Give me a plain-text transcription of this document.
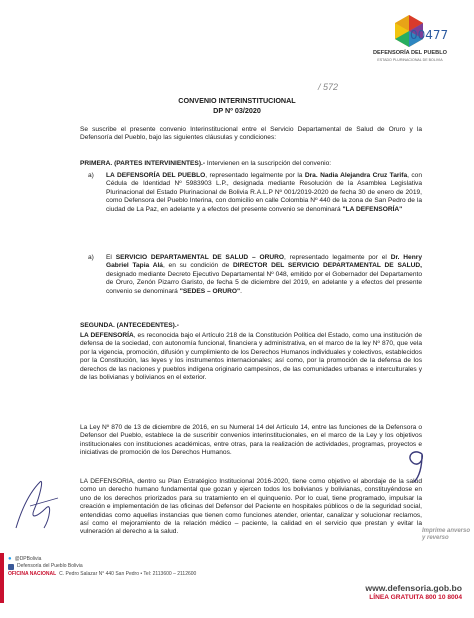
DEFENSORÍA DEL PUEBLO
ESTADO PLURINACIONAL DE BOLIVIA
00477
/ 572
CONVENIO INTERINSTITUCIONAL
DP Nº 03/2020

Se suscribe el presente convenio Interinstitucional entre el Servicio Departamental de Salud de Oruro y la Defensoría del Pueblo, bajo las siguientes cláusulas y condiciones:

PRIMERA. (PARTES INTERVINIENTES).- Intervienen en la suscripción del convenio:

a) LA DEFENSORÍA DEL PUEBLO, representado legalmente por la Dra. Nadia Alejandra Cruz Tarifa, con Cédula de Identidad Nº 5983903 L.P., designada mediante Resolución de la Asamblea Legislativa Plurinacional del Estado Plurinacional de Bolivia R.A.L.P Nº 001/2019-2020 de fecha 30 de enero de 2019, como Defensora del Pueblo Interina, con domicilio en calle Colombia Nº 440 de la zona de San Pedro de la ciudad de La Paz, en adelante y a efectos del presente convenio se denominará "LA DEFENSORÍA"

a) El SERVICIO DEPARTAMENTAL DE SALUD – ORURO, representado legalmente por el Dr. Henry Gabriel Tapia Alá, en su condición de DIRECTOR DEL SERVICIO DEPARTAMENTAL DE SALUD, designado mediante Decreto Ejecutivo Departamental Nº 048, emitido por el Gobernador del Departamento de Oruro, Zenón Pizarro Garisto, de fecha 5 de diciembre del 2019, en adelante y a efectos del presente convenio se denominará "SEDES – ORURO".

SEGUNDA. (ANTECEDENTES).-

LA DEFENSORÍA, es reconocida bajo el Artículo 218 de la Constitución Política del Estado, como una institución de defensa de la sociedad, con autonomía funcional, financiera y administrativa, en el marco de la ley Nº 870, que vela por la vigencia, promoción, difusión y cumplimiento de los Derechos Humanos individuales y colectivos, establecidos por la Constitución, las leyes y los instrumentos internacionales; así como, por la promoción de la defensa de los derechos de las naciones y pueblos indígena originario campesinos, de las comunidades urbanas e interculturales y de las bolivianas y bolivianos en el exterior.

La Ley Nº 870 de 13 de diciembre de 2016, en su Numeral 14 del Artículo 14, entre las funciones de la Defensora o Defensor del Pueblo, establece la de suscribir convenios interinstitucionales, en el marco de la Ley y los objetivos institucionales con instituciones académicas, entre otras, para la realización de actividades, programas, proyectos e iniciativas de promoción de los Derechos Humanos.

LA DEFENSORIA, dentro su Plan Estratégico Institucional 2016-2020, tiene como objetivo el abordaje de la salud como un derecho humano fundamental que gozan y ejercen todos los bolivianos y bolivianas, constituyéndose en uno de los derechos priorizados para su tratamiento en el quinquenio. Por lo cual, tiene programado, impulsar la creación e implementación de las oficinas del Defensor del Paciente en hospitales públicos o de la seguridad social, entendidas como aquellas instancias que tienen como funciones atender, orientar, canalizar y solucionar reclamos, así como el mejoramiento de la relación médico – paciente, la calidad en el servicio que prestan y evitar la vulneración al derecho a la salud.	Imprime anverso y reverso
● @DPBolivia
Defensoría del Pueblo Bolivia
OFICINA NACIONAL C. Pedro Salazar N° 440 San Pedro • Tel: 2113600 – 2112600
www.defensoria.gob.bo
LÍNEA GRATUITA 800 10 8004
